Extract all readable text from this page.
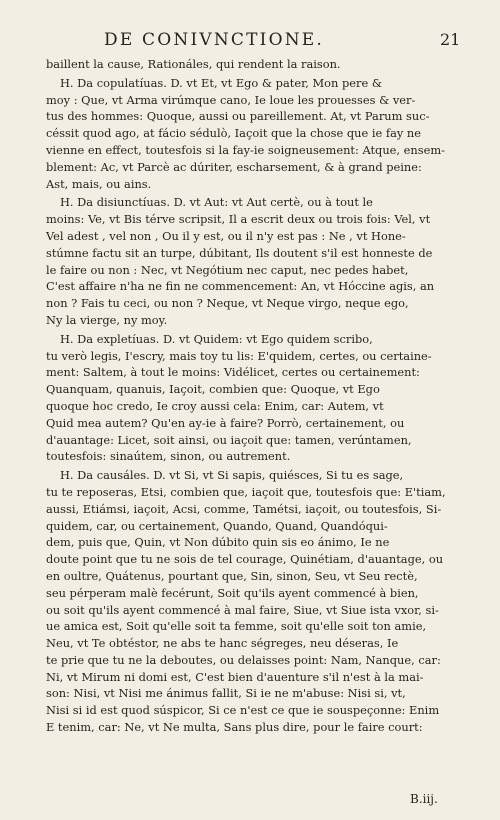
DE CONIVNCTIONE.	21

baillent la cause, Rationáles, qui rendent la raison.

H. Da copulatíuas. D. vt Et, vt Ego & pater, Mon pere &
moy : Que, vt Arma virúmque cano, Ie loue les prouesses & ver-
tus des hommes: Quoque, aussi ou pareillement. At, vt Parum suc-
céssit quod ago, at fácio sédulò, Iaçoit que la chose que ie fay ne
vienne en effect, toutesfois si la fay-ie soigneusement: Atque, ensem-
blement: Ac, vt Parcè ac dúriter, escharsement, & à grand peine:
Ast, mais, ou ains.

H. Da disiunctíuas. D. vt Aut: vt Aut certè, ou à tout le
moins: Ve, vt Bis térve scripsit, Il a escrit deux ou trois fois: Vel, vt
Vel adest , vel non , Ou il y est, ou il n'y est pas : Ne , vt Hone-
stúmne factu sit an turpe, dúbitant, Ils doutent s'il est honneste de
le faire ou non : Nec, vt Negótium nec caput, nec pedes habet,
C'est affaire n'ha ne fin ne commencement: An, vt Hóccine agis, an
non ? Fais tu ceci, ou non ? Neque, vt Neque virgo, neque ego,
Ny la vierge, ny moy.

H. Da expletíuas. D. vt Quidem: vt Ego quidem scribo,
tu verò legis, I'escry, mais toy tu lis: E'quidem, certes, ou certaine-
ment: Saltem, à tout le moins: Vidélicet, certes ou certainement:
Quanquam, quanuis, Iaçoit, combien que: Quoque, vt Ego
quoque hoc credo, Ie croy aussi cela: Enim, car: Autem, vt
Quid mea autem? Qu'en ay-ie à faire? Porrò, certainement, ou
d'auantage: Licet, soit ainsi, ou iaçoit que: tamen, verúntamen,
toutesfois: sinaútem, sinon, ou autrement.

H. Da causáles. D. vt Si, vt Si sapis, quiésces, Si tu es sage,
tu te reposeras, Etsi, combien que, iaçoit que, toutesfois que: E'tiam,
aussi, Etiámsi, iaçoit, Acsi, comme, Tamétsi, iaçoit, ou toutesfois, Si-
quidem, car, ou certainement, Quando, Quand, Quandóqui-
dem, puis que, Quin, vt Non dúbito quin sis eo ánimo, Ie ne
doute point que tu ne sois de tel courage, Quinétiam, d'auantage, ou
en oultre, Quátenus, pourtant que, Sin, sinon, Seu, vt Seu rectè,
seu pérperam malè fecérunt, Soit qu'ils ayent commencé à bien,
ou soit qu'ils ayent commencé à mal faire, Siue, vt Siue ista vxor, si-
ue amica est, Soit qu'elle soit ta femme, soit qu'elle soit ton amie,
Neu, vt Te obtéstor, ne abs te hanc ségreges, neu déseras, Ie
te prie que tu ne la deboutes, ou delaisses point: Nam, Nanque, car:
Ni, vt Mirum ni domi est, C'est bien d'auenture s'il n'est à la mai-
son: Nisi, vt Nisi me ánimus fallit, Si ie ne m'abuse: Nisi si, vt,
Nisi si id est quod súspicor, Si ce n'est ce que ie souspeçonne: Enim
E tenim, car: Ne, vt Ne multa, Sans plus dire, pour le faire court:

B.iij.
